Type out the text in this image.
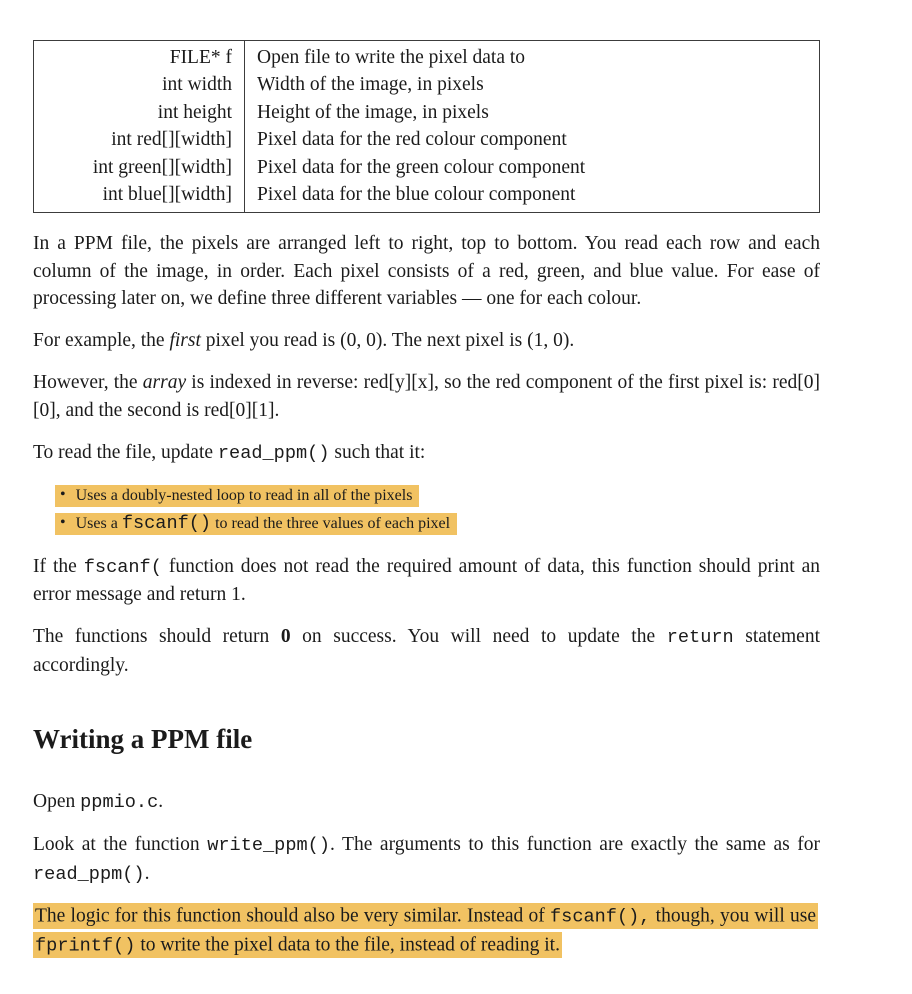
FILE* f	Open file to write the pixel data to
int width	Width of the image, in pixels
int height	Height of the image, in pixels
int red[][width]	Pixel data for the red colour component
int green[][width]	Pixel data for the green colour component
int blue[][width]	Pixel data for the blue colour component

In a PPM file, the pixels are arranged left to right, top to bottom. You read each row and each column of the image, in order. Each pixel consists of a red, green, and blue value. For ease of processing later on, we define three different variables — one for each colour.

For example, the first pixel you read is (0, 0). The next pixel is (1, 0).

However, the array is indexed in reverse: red[y][x], so the red component of the first pixel is: red[0][0], and the second is red[0][1].

To read the file, update read_ppm() such that it:

• Uses a doubly-nested loop to read in all of the pixels
• Uses a fscanf() to read the three values of each pixel

If the fscanf( function does not read the required amount of data, this function should print an error message and return 1.

The functions should return 0 on success. You will need to update the return statement accordingly.

Writing a PPM file

Open ppmio.c.

Look at the function write_ppm(). The arguments to this function are exactly the same as for read_ppm().

The logic for this function should also be very similar. Instead of fscanf(), though, you will use fprintf() to write the pixel data to the file, instead of reading it.
